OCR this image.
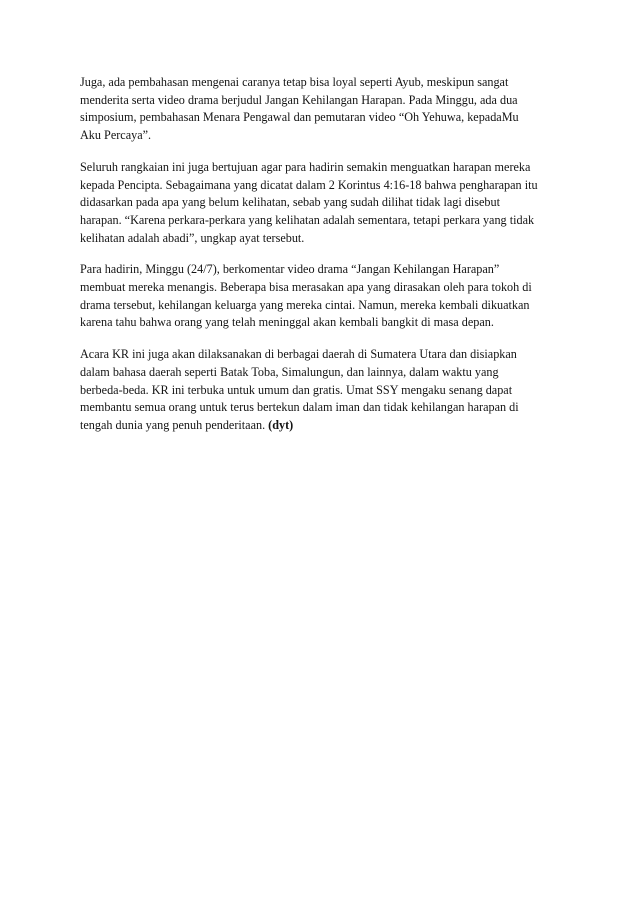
Juga, ada pembahasan mengenai caranya tetap bisa loyal seperti Ayub, meskipun sangat
menderita serta video drama berjudul Jangan Kehilangan Harapan. Pada Minggu, ada dua
simposium, pembahasan Menara Pengawal dan pemutaran video “Oh Yehuwa, kepadaMu
Aku Percaya”.

Seluruh rangkaian ini juga bertujuan agar para hadirin semakin menguatkan harapan mereka
kepada Pencipta. Sebagaimana yang dicatat dalam 2 Korintus 4:16-18 bahwa pengharapan itu
didasarkan pada apa yang belum kelihatan, sebab yang sudah dilihat tidak lagi disebut
harapan. “Karena perkara-perkara yang kelihatan adalah sementara, tetapi perkara yang tidak
kelihatan adalah abadi”, ungkap ayat tersebut.

Para hadirin, Minggu (24/7), berkomentar video drama “Jangan Kehilangan Harapan”
membuat mereka menangis. Beberapa bisa merasakan apa yang dirasakan oleh para tokoh di
drama tersebut, kehilangan keluarga yang mereka cintai. Namun, mereka kembali dikuatkan
karena tahu bahwa orang yang telah meninggal akan kembali bangkit di masa depan.

Acara KR ini juga akan dilaksanakan di berbagai daerah di Sumatera Utara dan disiapkan
dalam bahasa daerah seperti Batak Toba, Simalungun, dan lainnya, dalam waktu yang
berbeda-beda. KR ini terbuka untuk umum dan gratis. Umat SSY mengaku senang dapat
membantu semua orang untuk terus bertekun dalam iman dan tidak kehilangan harapan di
tengah dunia yang penuh penderitaan. (dyt)
